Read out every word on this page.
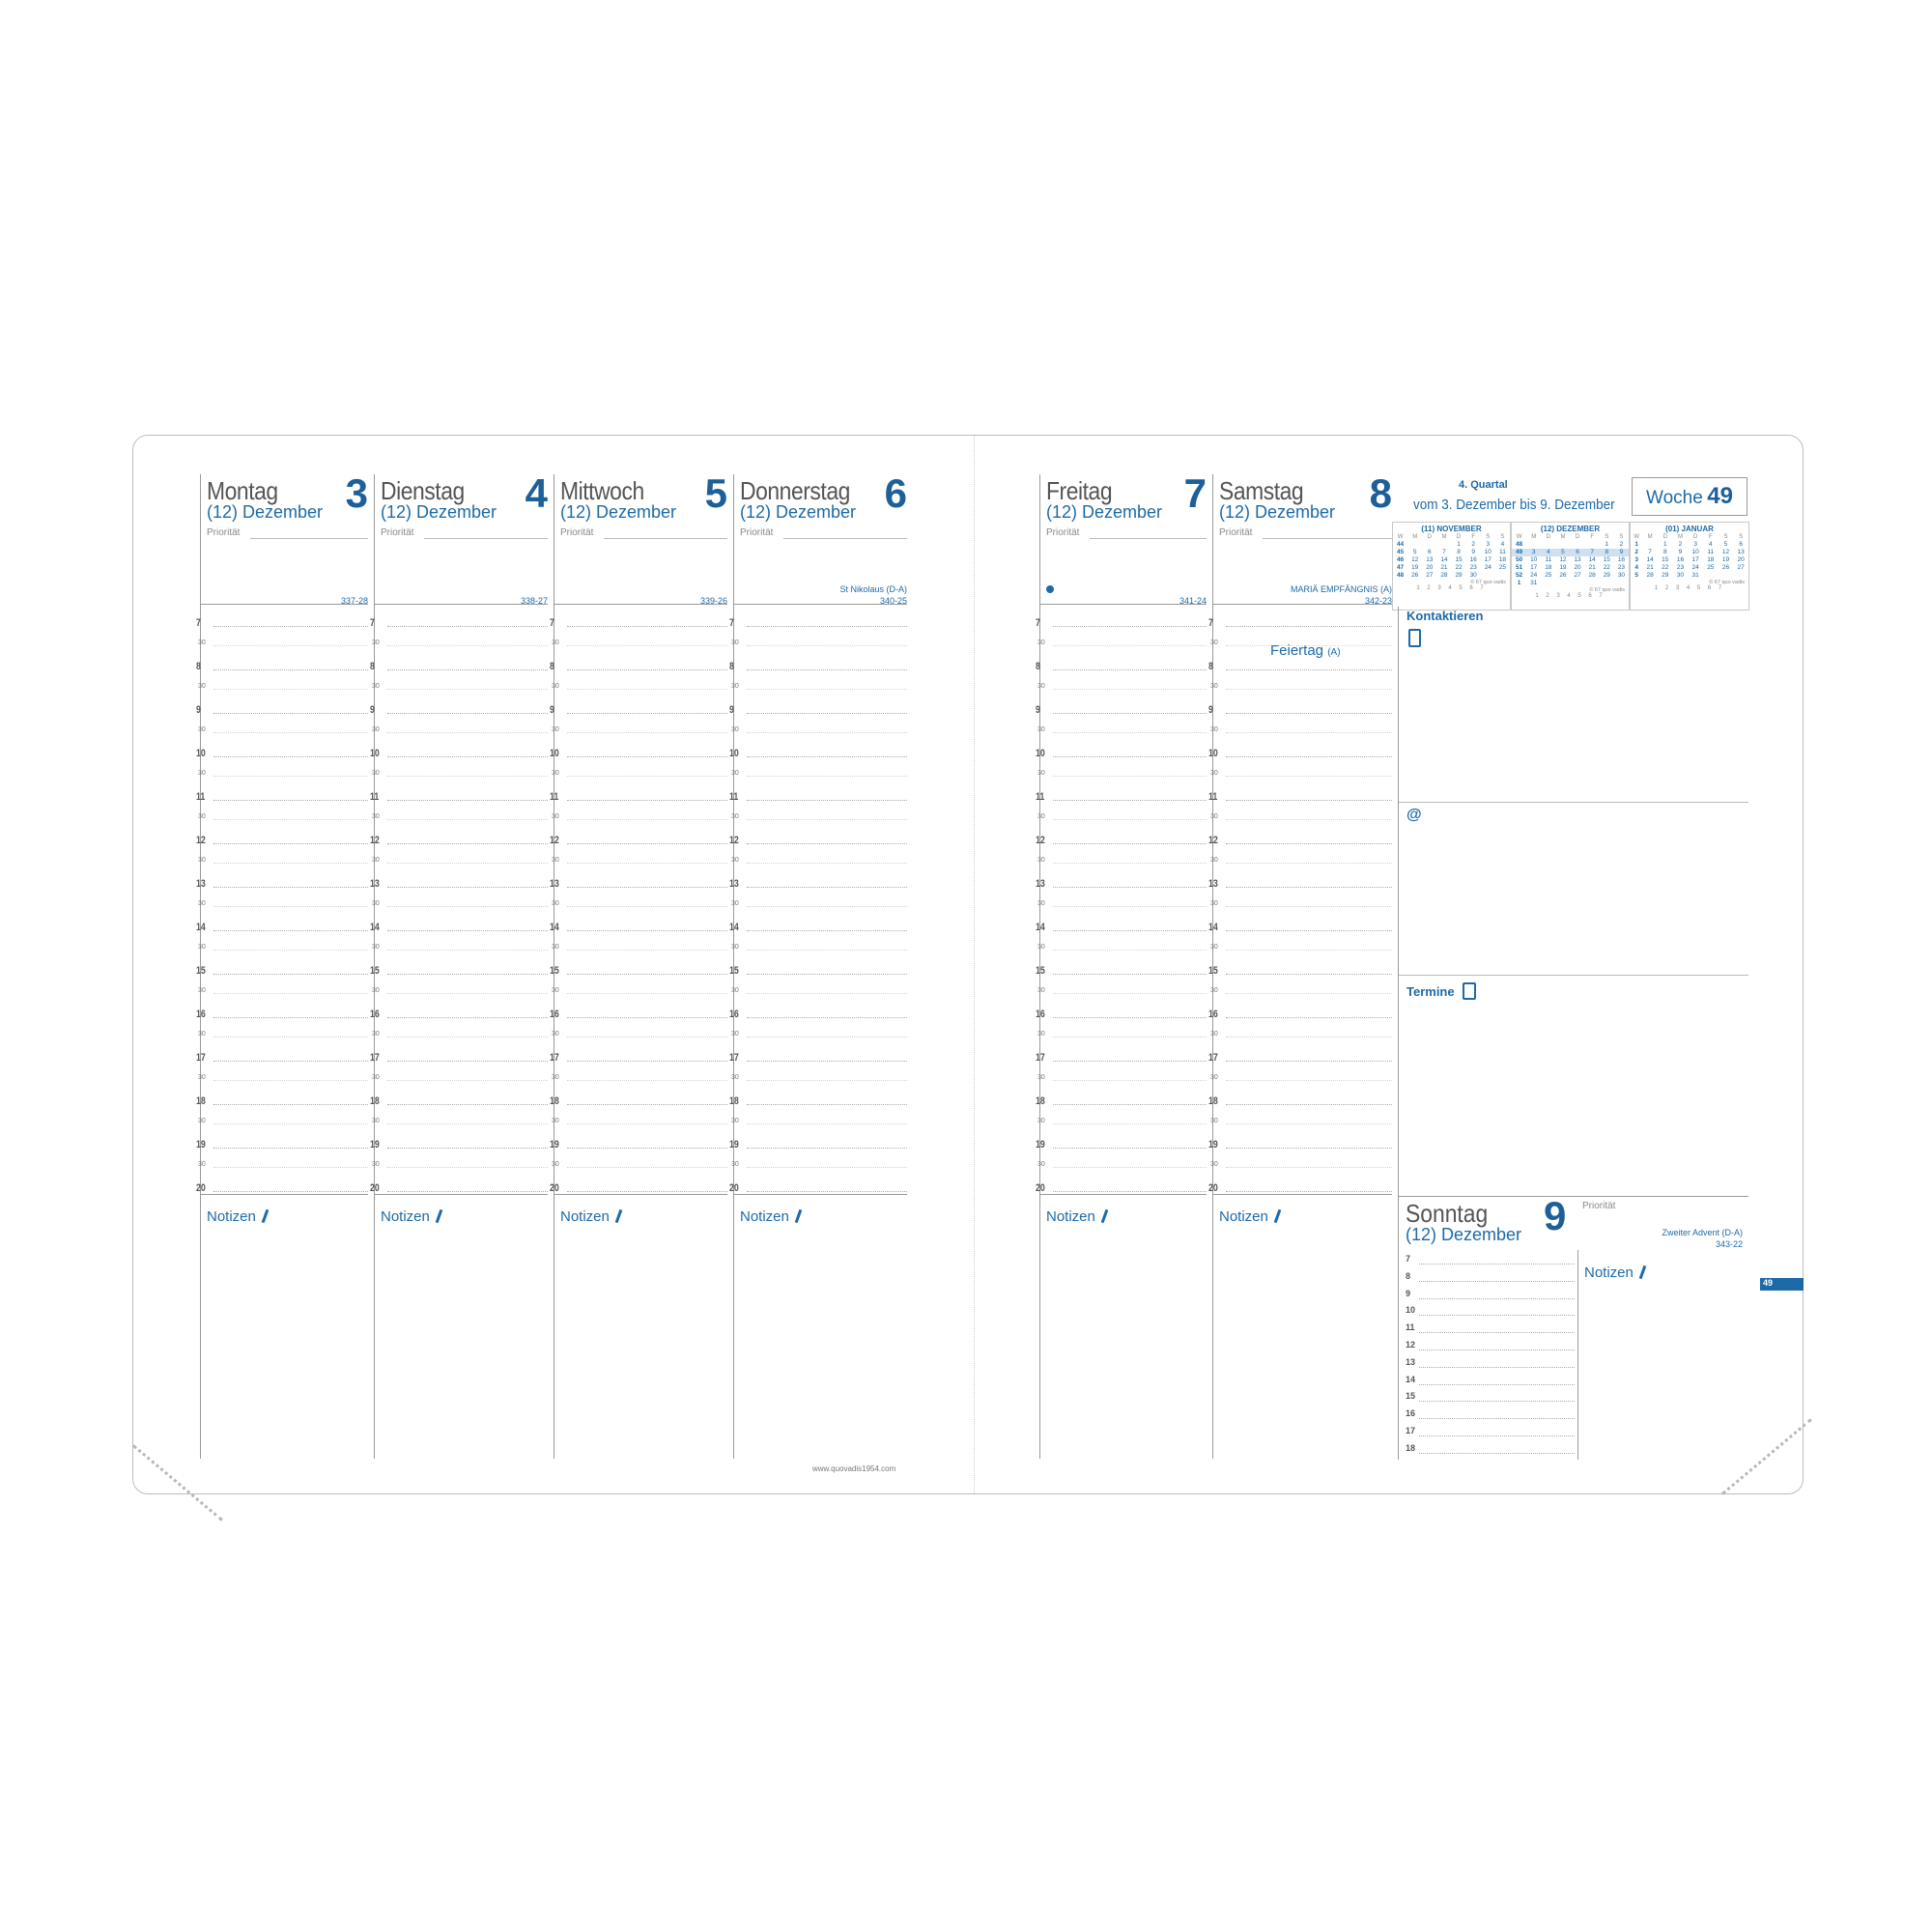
Montag
(12) Dezember 3
Priorität
337-28
7
30
8
30
9
30
10
30
11
30
12
30
13
30
14
30
15
30
16
30
17
30
18
30
19
30
20
Notizen
Dienstag
(12) Dezember 4
Priorität
338-27
7
30
8
30
9
30
10
30
11
30
12
30
13
30
14
30
15
30
16
30
17
30
18
30
19
30
20
Notizen
Mittwoch
(12) Dezember 5
Priorität
339-26
7
30
8
30
9
30
10
30
11
30
12
30
13
30
14
30
15
30
16
30
17
30
18
30
19
30
20
Notizen
Donnerstag
(12) Dezember 6
Priorität
St Nikolaus (D-A)
340-25
7
30
8
30
9
30
10
30
11
30
12
30
13
30
14
30
15
30
16
30
17
30
18
30
19
30
20
Notizen
Freitag
(12) Dezember 7
Priorität
341-24
7
30
8
30
9
30
10
30
11
30
12
30
13
30
14
30
15
30
16
30
17
30
18
30
19
30
20
Notizen
Samstag
(12) Dezember 8
Priorität
MARIÄ EMPFÄNGNIS (A)
342-23
7
30
8
30
9
30
10
30
11
30
12
30
13
30
14
30
15
30
16
30
17
30
18
30
19
30
20
Notizen
Feiertag (A)
4. Quartal
vom 3. Dezember bis 9. Dezember	Woche 49
(11) NOVEMBER
W	M	D	M	D	F	S	S
44				1	2	3	4
45	5	6	7	8	9	10	11
46	12	13	14	15	16	17	18
47	19	20	21	22	23	24	25
48	26	27	28	29	30		
© 67 quo vadis
1 2 3 4 5 6 7
(12) DEZEMBER
W	M	D	M	D	F	S	S
48						1	2
49	3	4	5	6	7	8	9
50	10	11	12	13	14	15	16
51	17	18	19	20	21	22	23
52	24	25	26	27	28	29	30
1	31						
© 67 quo vadis
1 2 3 4 5 6 7
(01) JANUAR
W	M	D	M	D	F	S	S
1		1	2	3	4	5	6
2	7	8	9	10	11	12	13
3	14	15	16	17	18	19	20
4	21	22	23	24	25	26	27
5	28	29	30	31			
© 67 quo vadis
1 2 3 4 5 6 7
Kontaktieren
@
Termine
Sonntag
(12) Dezember 9 Priorität
Zweiter Advent (D-A)
343-22
7
8
9
10
11
12
13
14
15
16
17
18
Notizen
49
www.quovadis1954.com
